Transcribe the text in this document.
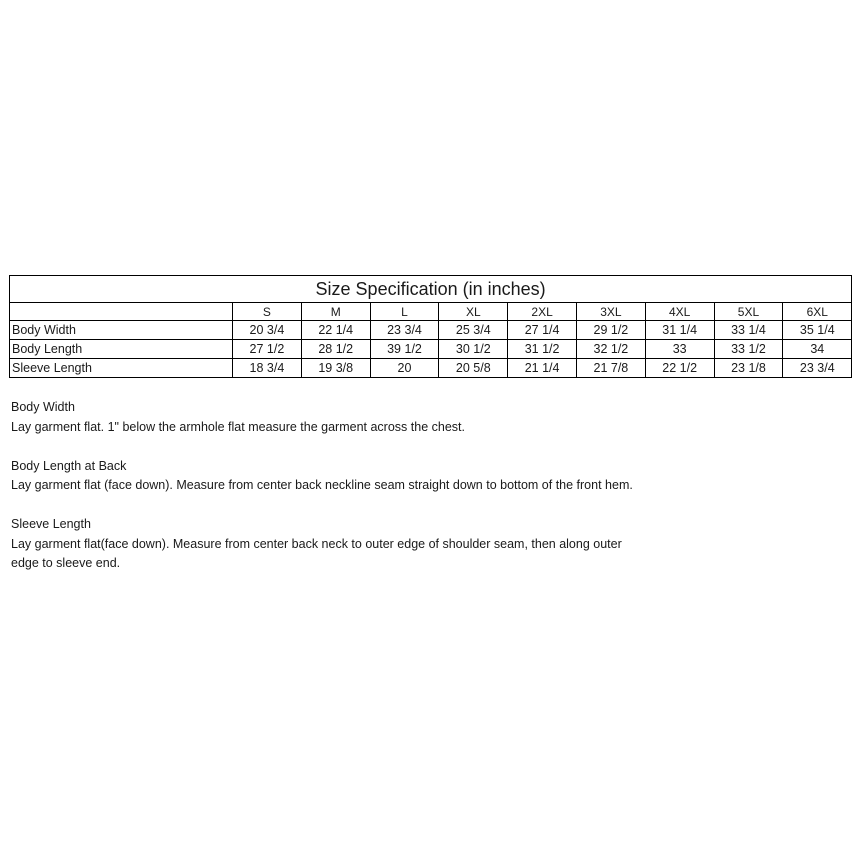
Size Specification (in inches)									
	S	M	L	XL	2XL	3XL	4XL	5XL	6XL
Body Width	20 3/4	22 1/4	23 3/4	25 3/4	27 1/4	29 1/2	31 1/4	33 1/4	35 1/4
Body Length	27 1/2	28 1/2	39 1/2	30 1/2	31 1/2	32 1/2	33	33 1/2	34
Sleeve Length	18 3/4	19 3/8	20	20 5/8	21 1/4	21 7/8	22 1/2	23 1/8	23 3/4

Body Width

Lay garment flat. 1" below the armhole flat measure the garment across the chest.

Body Length at Back

Lay garment flat (face down). Measure from center back neckline seam straight down to bottom of the front hem.

Sleeve Length

Lay garment flat(face down). Measure from center back neck to outer edge of shoulder seam, then along outer edge to sleeve end.
